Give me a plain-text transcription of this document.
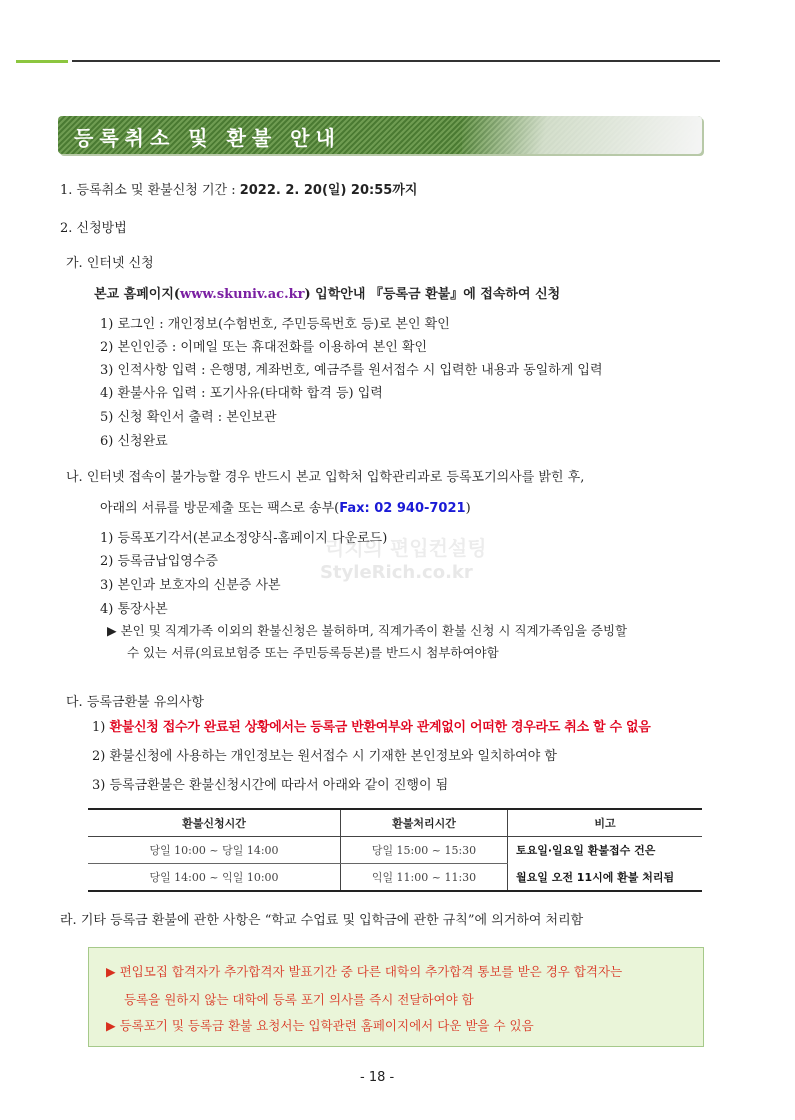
등록취소 및 환불 안내
1. 등록취소 및 환불신청 기간 : 2022. 2. 20(일) 20:55까지
2. 신청방법
가. 인터넷 신청
본교 홈페이지(www.skuniv.ac.kr) 입학안내 『등록금 환불』에 접속하여 신청
1) 로그인 : 개인정보(수험번호, 주민등록번호 등)로 본인 확인
2) 본인인증 : 이메일 또는 휴대전화를 이용하여 본인 확인
3) 인적사항 입력 : 은행명, 계좌번호, 예금주를 원서접수 시 입력한 내용과 동일하게 입력
4) 환불사유 입력 : 포기사유(타대학 합격 등) 입력
5) 신청 확인서 출력 : 본인보관
6) 신청완료
나. 인터넷 접속이 불가능할 경우 반드시 본교 입학처 입학관리과로 등록포기의사를 밝힌 후,
아래의 서류를 방문제출 또는 팩스로 송부(Fax: 02 940-7021)
리치의 편입컨설팅
StyleRich.co.kr
1) 등록포기각서(본교소정양식-홈페이지 다운로드)
2) 등록금납입영수증
3) 본인과 보호자의 신분증 사본
4) 통장사본
▶ 본인 및 직계가족 이외의 환불신청은 불허하며, 직계가족이 환불 신청 시 직계가족임을 증빙할
수 있는 서류(의료보험증 또는 주민등록등본)를 반드시 첨부하여야함
다. 등록금환불 유의사항
1) 환불신청 접수가 완료된 상황에서는 등록금 반환여부와 관계없이 어떠한 경우라도 취소 할 수 없음
2) 환불신청에 사용하는 개인정보는 원서접수 시 기재한 본인정보와 일치하여야 함
3) 등록금환불은 환불신청시간에 따라서 아래와 같이 진행이 됨
환불신청시간	환불처리시간	비고
당일 10:00 ~ 당일 14:00	당일 15:00 ~ 15:30	토요일·일요일 환불접수 건은
당일 14:00 ~ 익일 10:00	익일 11:00 ~ 11:30	월요일 오전 11시에 환불 처리됨
라. 기타 등록금 환불에 관한 사항은 “학교 수업료 및 입학금에 관한 규칙”에 의거하여 처리함
▶ 편입모집 합격자가 추가합격자 발표기간 중 다른 대학의 추가합격 통보를 받은 경우 합격자는
등록을 원하지 않는 대학에 등록 포기 의사를 즉시 전달하여야 함
▶ 등록포기 및 등록금 환불 요청서는 입학관련 홈페이지에서 다운 받을 수 있음
- 18 -
